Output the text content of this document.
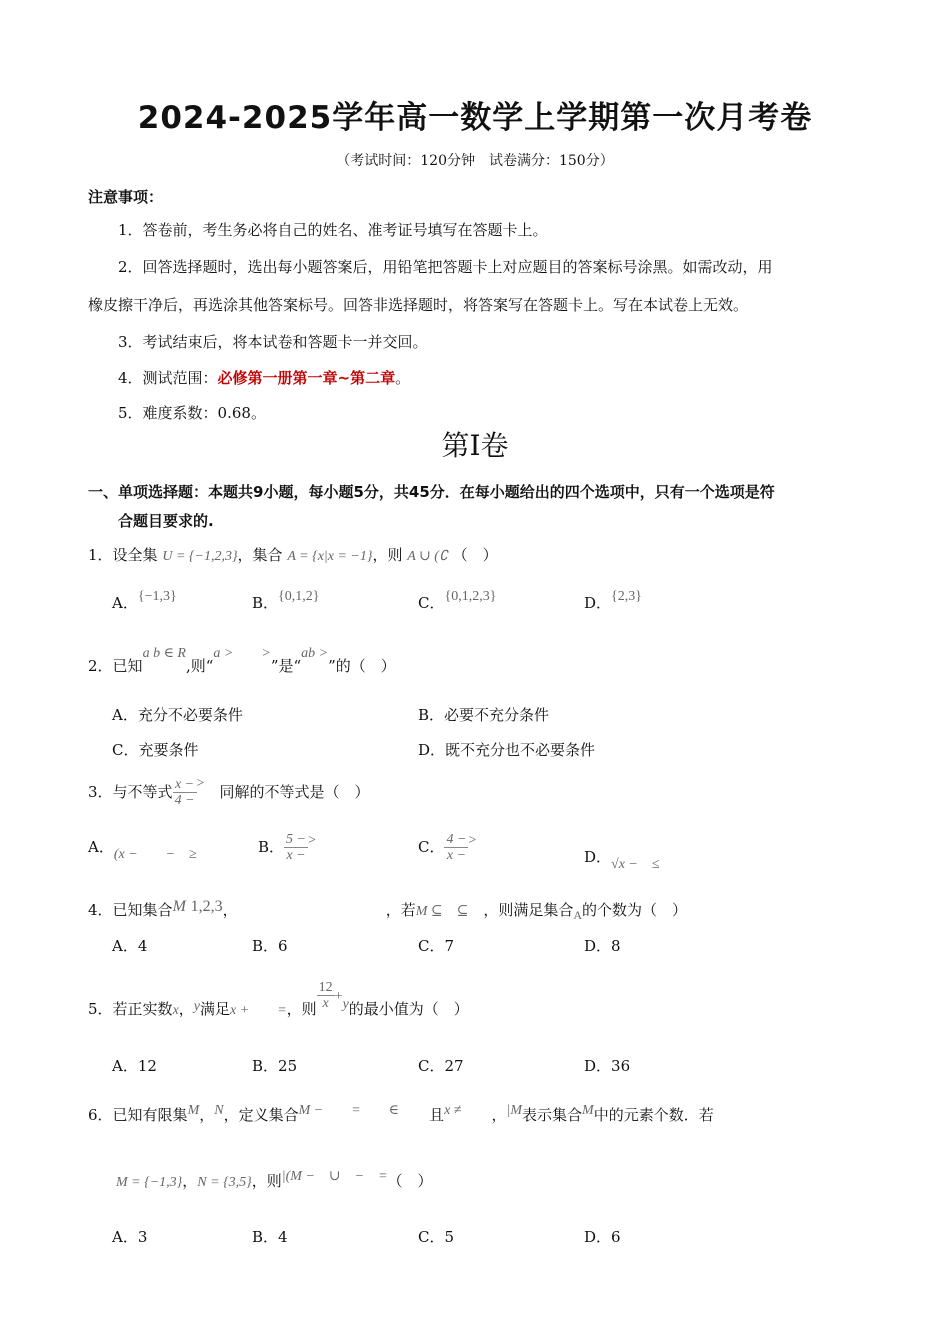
2024-2025学年高一数学上学期第一次月考卷
（考试时间：120分钟　试卷满分：150分）
注意事项：
1．答卷前，考生务必将自己的姓名、准考证号填写在答题卡上。
2．回答选择题时，选出每小题答案后，用铅笔把答题卡上对应题目的答案标号涂黑。如需改动，用
橡皮擦干净后，再选涂其他答案标号。回答非选择题时，将答案写在答题卡上。写在本试卷上无效。
3．考试结束后，将本试卷和答题卡一并交回。
4．测试范围：必修第一册第一章~第二章。
5．难度系数：0.68。
第Ⅰ卷
一、单项选择题：本题共9小题，每小题5分，共45分．在每小题给出的四个选项中，只有一个选项是符
合题目要求的.
1．设全集 U = {−1,2,3}，集合 A = {x|x = −1}，则 A ∪ (∁ （　）
A．{−1,3}	B．{0,1,2}	C．{0,1,2,3}	D．{2,3}
2．已知a b ∈ R,则“a >　　>”是“ab >”的（　）
A．充分不必要条件	B．必要不充分条件
C．充要条件	D．既不充分也不必要条件
3．与不等式 $\frac{x -}{4 -}$ >　 同解的不等式是（　）
A．(x −　　−　≥	B． $\frac{5 -}{x -}$ >	C． $\frac{4 -}{x -}$ >
D．√x −　≤
4．已知集合M 1,2,3，	，若M ⊆　⊆　 ，则满足集合$_A$的个数为（　）
A．4	B．6	C．7	D．8
5．若正实数x，y满足x +　　=，则 $\frac{12}{x} +y$的最小值为（　）
A．12	B．25	C．27	D．36
6．已知有限集M，N，定义集合M −　　=　　∈　　 且x ≠　　 ，|M表示集合M中的元素个数．若
M = {−1,3}，N = {3,5}，则|(M −　∪　−　=（　）
A．3	B．4	C．5	D．6
